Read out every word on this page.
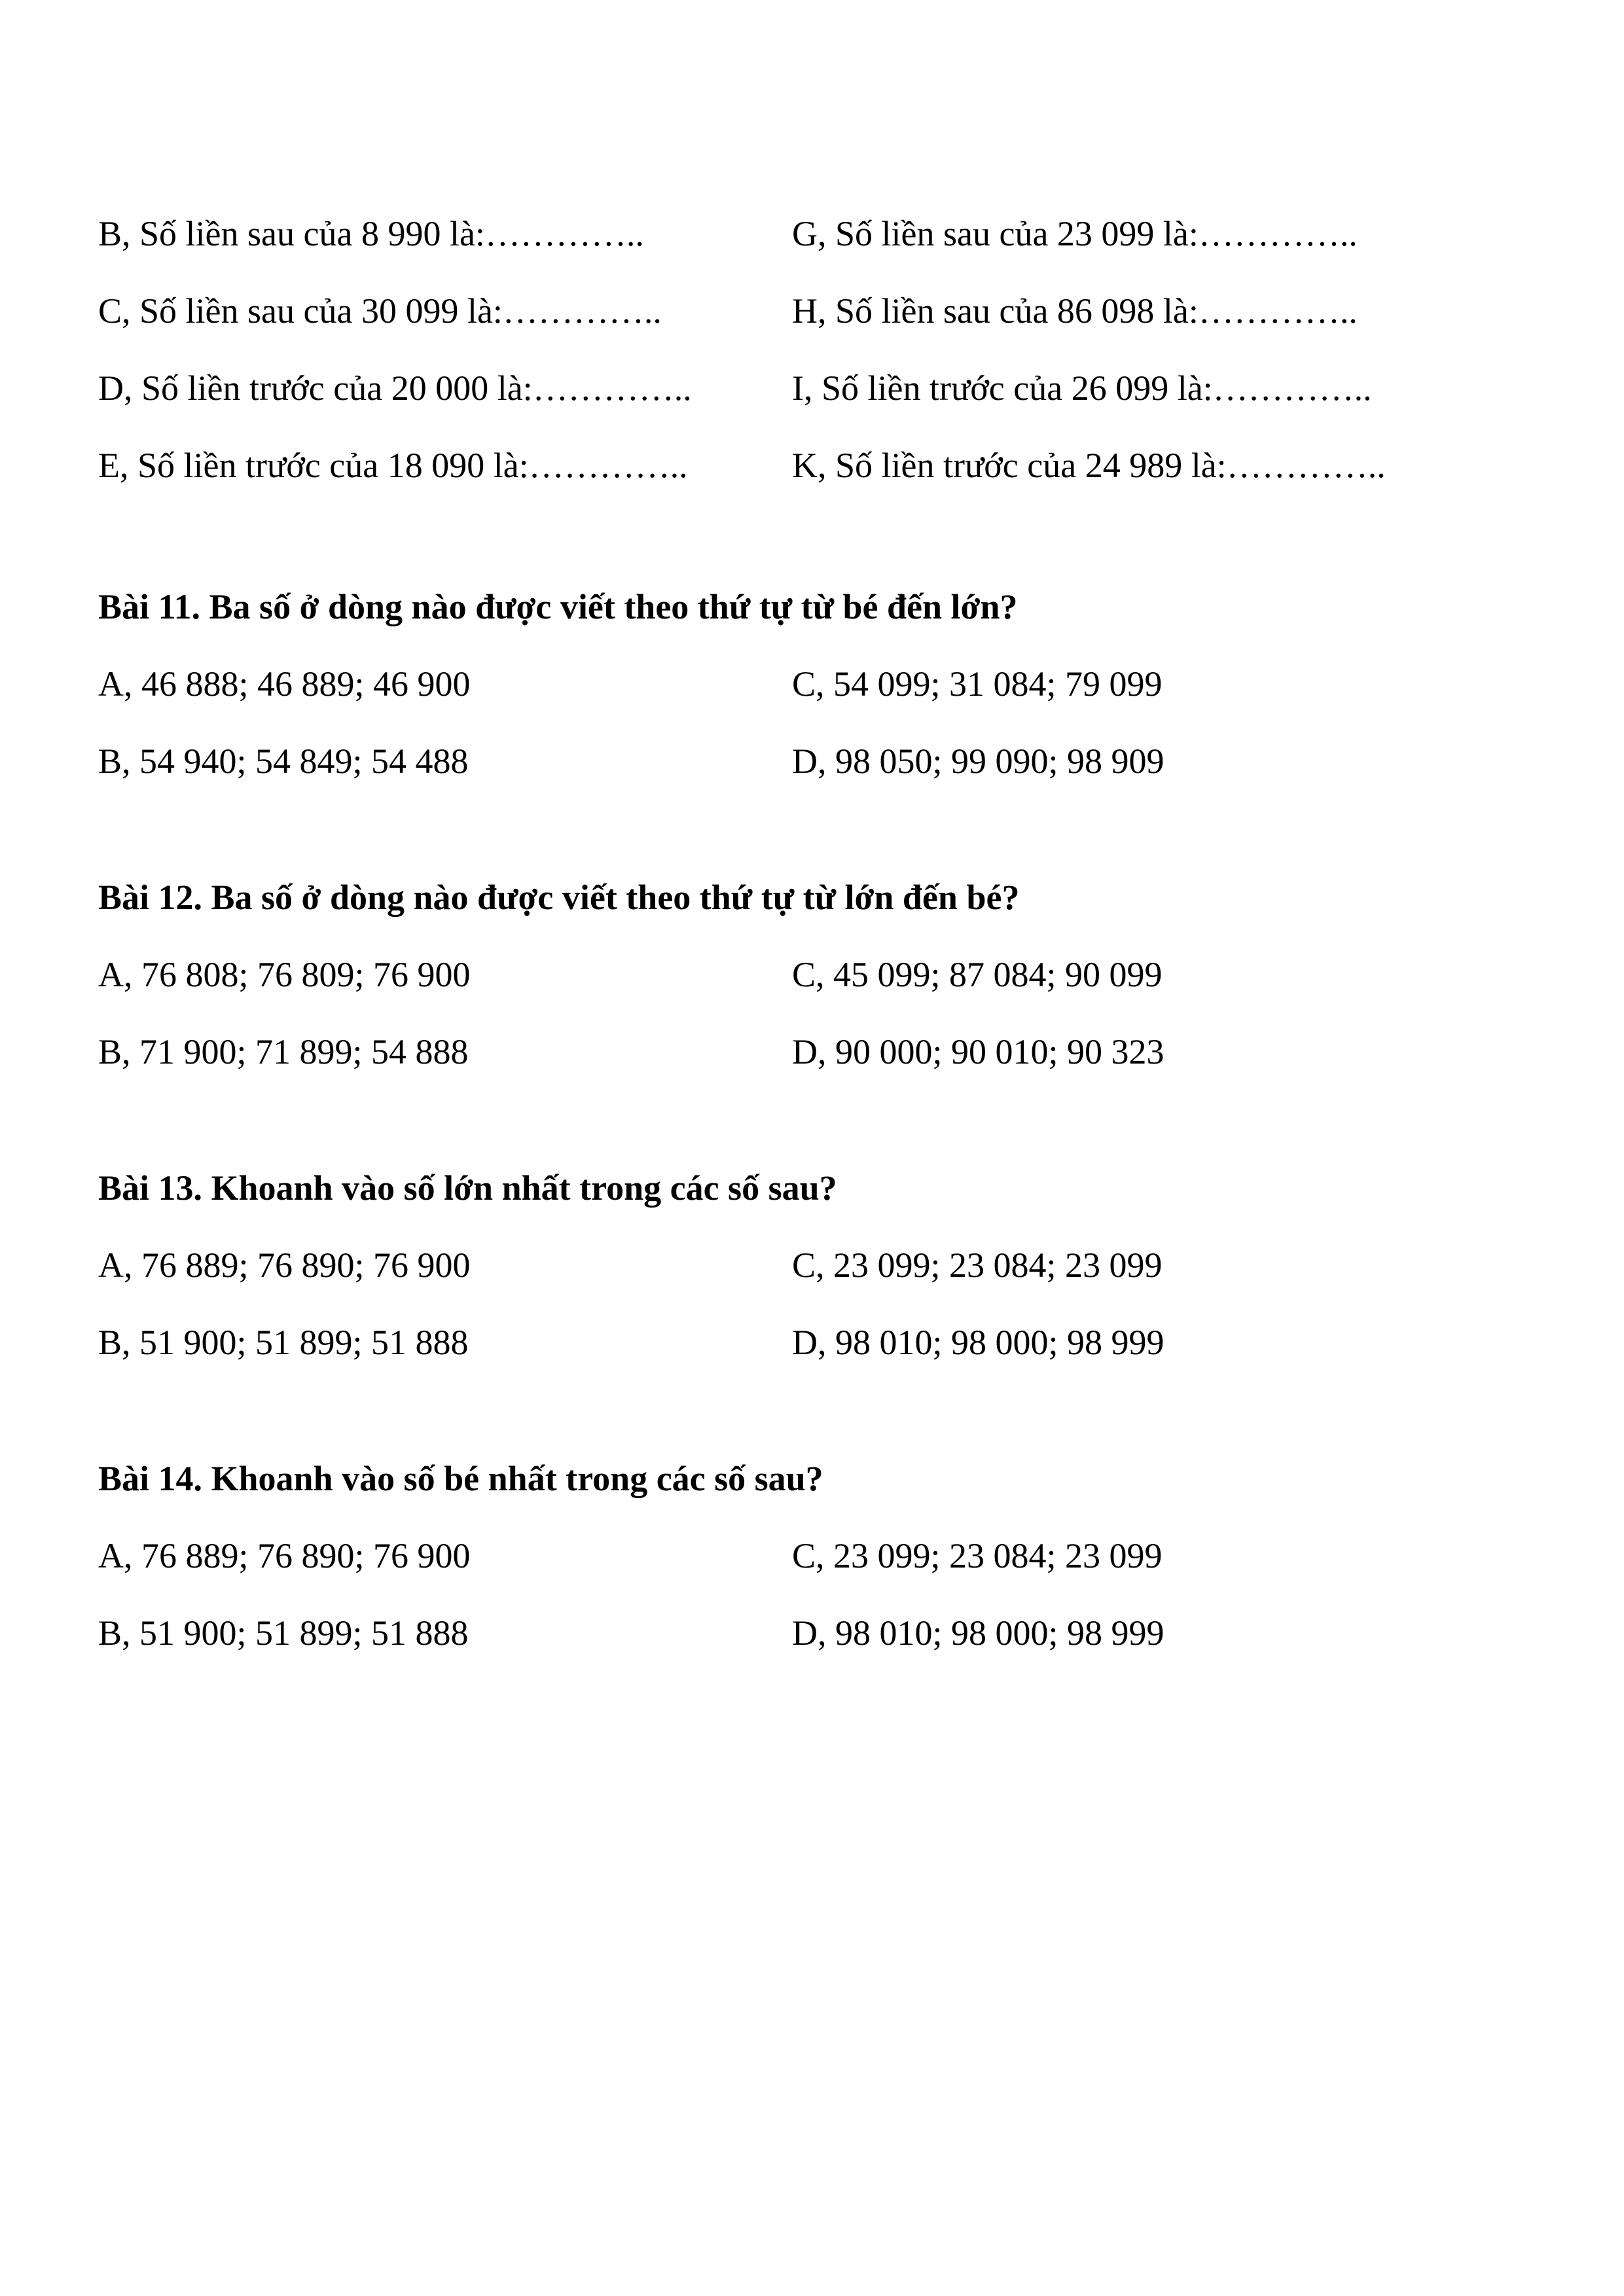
B, Số liền sau của 8 990 là:…………..	G, Số liền sau của 23 099 là:…………..
C, Số liền sau của 30 099 là:…………..	H, Số liền sau của 86 098 là:…………..
D, Số liền trước của 20 000 là:…………..	I, Số liền trước của 26 099 là:…………..
E, Số liền trước của 18 090 là:…………..	K, Số liền trước của 24 989 là:…………..
Bài 11. Ba số ở dòng nào được viết theo thứ tự từ bé đến lớn?
A, 46 888; 46 889; 46 900	C, 54 099; 31 084; 79 099
B, 54 940; 54 849; 54 488	D, 98 050; 99 090; 98 909
Bài 12. Ba số ở dòng nào được viết theo thứ tự từ lớn đến bé?
A, 76 808; 76 809; 76 900	C, 45 099; 87 084; 90 099
B, 71 900; 71 899; 54 888	D, 90 000; 90 010; 90 323
Bài 13. Khoanh vào số lớn nhất trong các số sau?
A, 76 889; 76 890; 76 900	C, 23 099; 23 084; 23 099
B, 51 900; 51 899; 51 888	D, 98 010; 98 000; 98 999
Bài 14. Khoanh vào số bé nhất trong các số sau?
A, 76 889; 76 890; 76 900	C, 23 099; 23 084; 23 099
B, 51 900; 51 899; 51 888	D, 98 010; 98 000; 98 999
